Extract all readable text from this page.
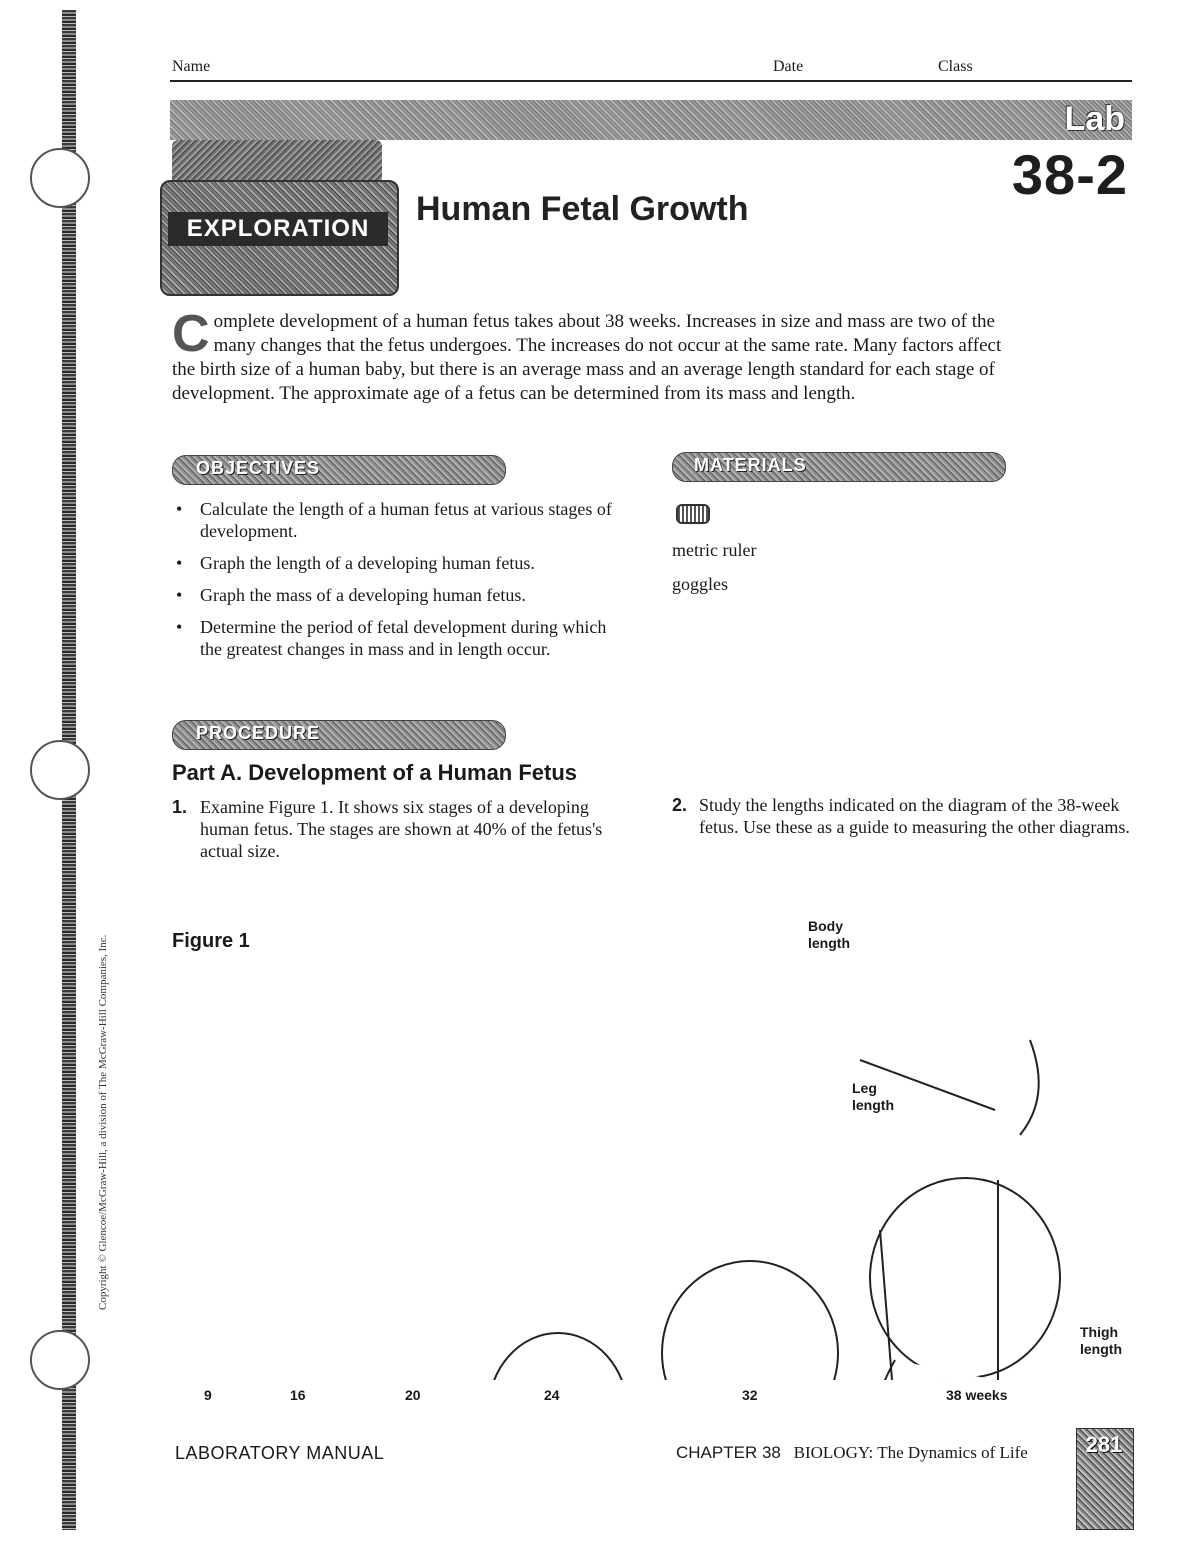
Copyright © Glencoe/McGraw-Hill, a division of The McGraw-Hill Companies, Inc.
Name	Date	Class
Lab
38-2
EXPLORATION
Human Fetal Growth
Complete development of a human fetus takes about 38 weeks. Increases in size and mass are two of the many changes that the fetus undergoes. The increases do not occur at the same rate. Many factors affect the birth size of a human baby, but there is an average mass and an average length standard for each stage of development. The approximate age of a fetus can be determined from its mass and length.
OBJECTIVES
• Calculate the length of a human fetus at various stages of development.
• Graph the length of a developing human fetus.
• Graph the mass of a developing human fetus.
• Determine the period of fetal development during which the greatest changes in mass and in length occur.
MATERIALS
metric ruler
goggles
PROCEDURE
Part A. Development of a Human Fetus
1. Examine Figure 1. It shows six stages of a developing human fetus. The stages are shown at 40% of the fetus's actual size.
2. Study the lengths indicated on the diagram of the 38-week fetus. Use these as a guide to measuring the other diagrams.
Figure 1
Body length
Leg length
Thigh length
9	16	20	24	32	38 weeks
LABORATORY MANUAL	CHAPTER 38 BIOLOGY: The Dynamics of Life	281
